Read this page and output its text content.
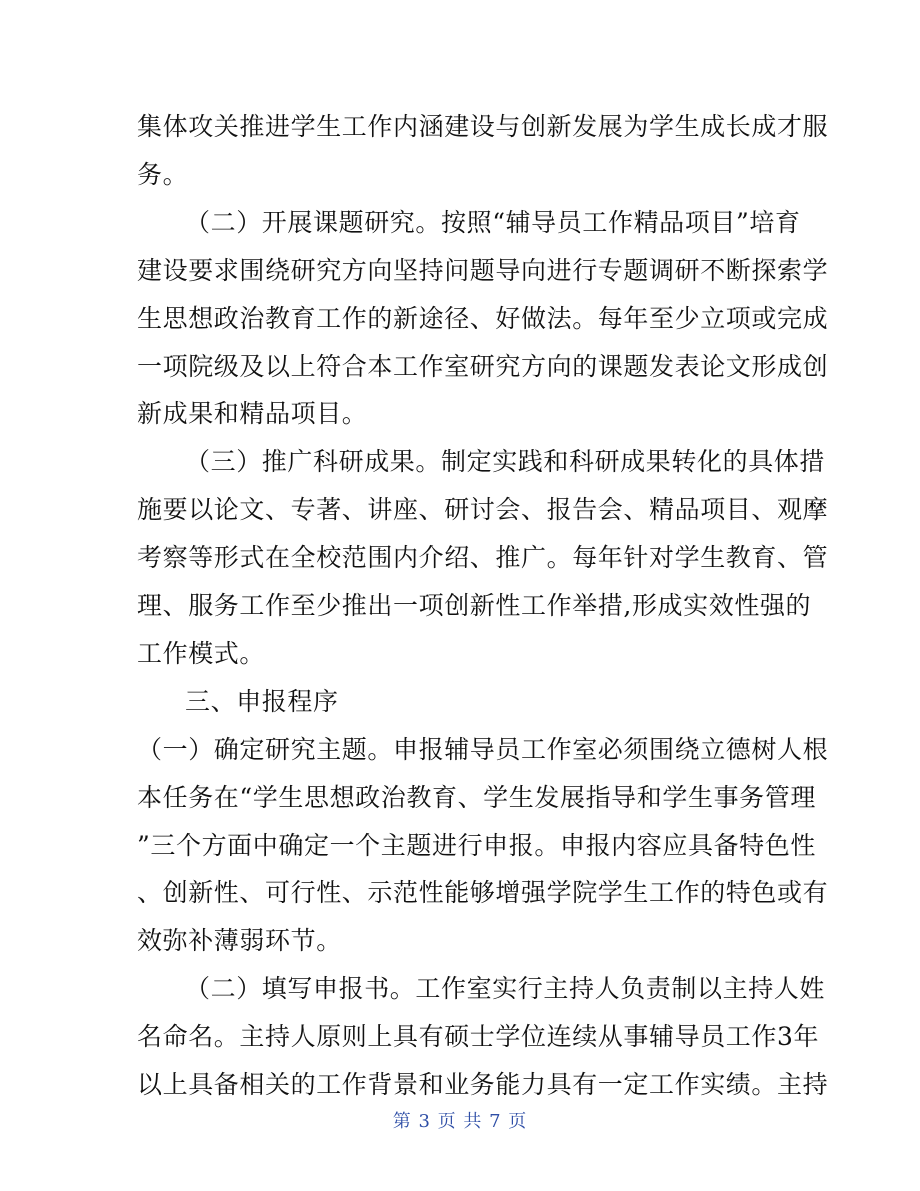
集体攻关推进学生工作内涵建设与创新发展为学生成长成才服

务。

（二）开展课题研究。按照“辅导员工作精品项目”培育

建设要求围绕研究方向坚持问题导向进行专题调研不断探索学

生思想政治教育工作的新途径、好做法。每年至少立项或完成

一项院级及以上符合本工作室研究方向的课题发表论文形成创

新成果和精品项目。

（三）推广科研成果。制定实践和科研成果转化的具体措

施要以论文、专著、讲座、研讨会、报告会、精品项目、观摩

考察等形式在全校范围内介绍、推广。每年针对学生教育、管

理、服务工作至少推出一项创新性工作举措,形成实效性强的

工作模式。

三、申报程序

（一）确定研究主题。申报辅导员工作室必须围绕立德树人根

本任务在“学生思想政治教育、学生发展指导和学生事务管理

”三个方面中确定一个主题进行申报。申报内容应具备特色性

、创新性、可行性、示范性能够增强学院学生工作的特色或有

效弥补薄弱环节。

（二）填写申报书。工作室实行主持人负责制以主持人姓

名命名。主持人原则上具有硕士学位连续从事辅导员工作3年

以上具备相关的工作背景和业务能力具有一定工作实绩。主持

第 3 页 共 7 页
